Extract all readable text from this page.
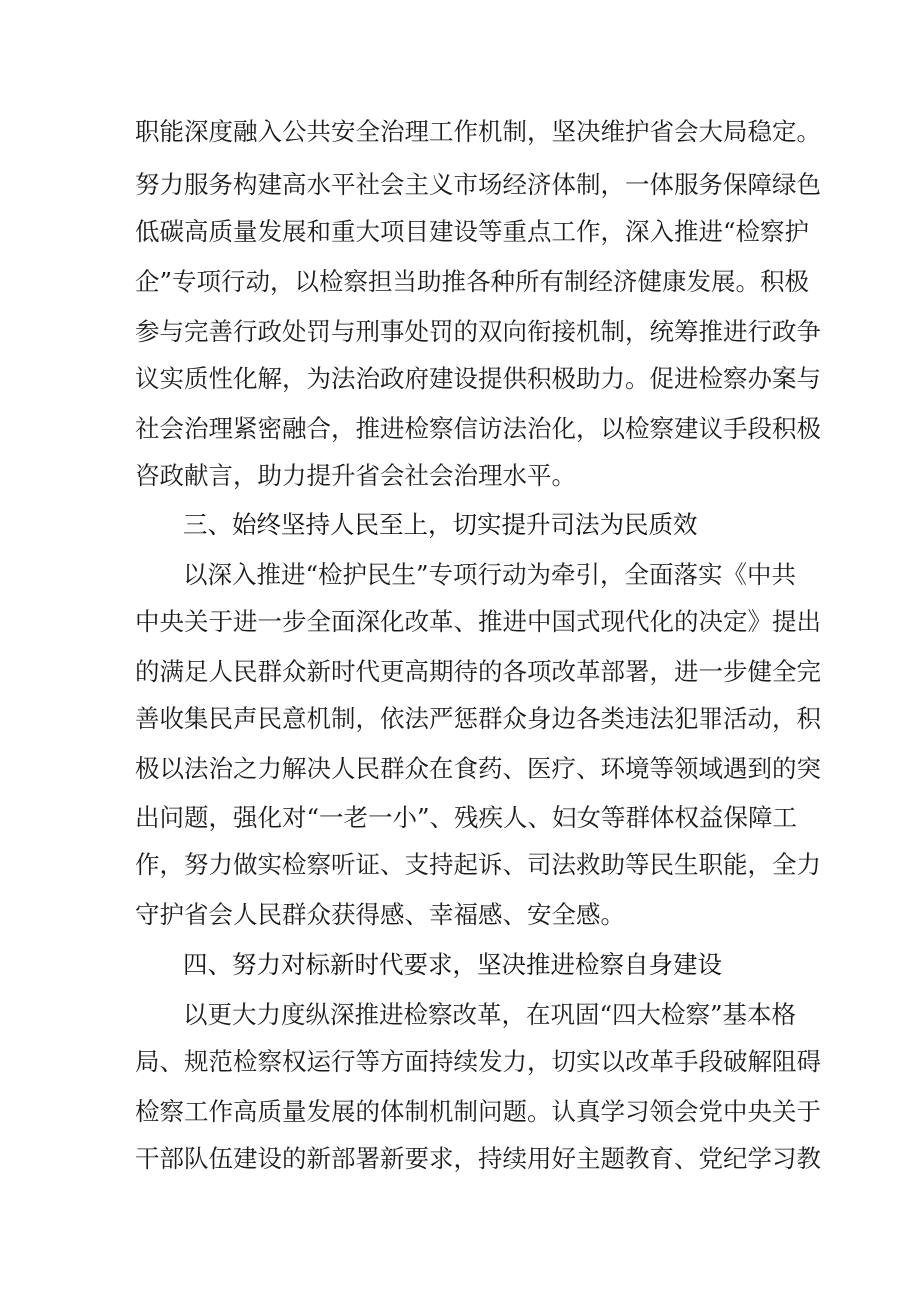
职能深度融入公共安全治理工作机制，坚决维护省会大局稳定。
努力服务构建高水平社会主义市场经济体制，一体服务保障绿色
低碳高质量发展和重大项目建设等重点工作，深入推进“检察护
企”专项行动，以检察担当助推各种所有制经济健康发展。积极
参与完善行政处罚与刑事处罚的双向衔接机制，统筹推进行政争
议实质性化解，为法治政府建设提供积极助力。促进检察办案与
社会治理紧密融合，推进检察信访法治化，以检察建议手段积极
咨政献言，助力提升省会社会治理水平。
三、始终坚持人民至上，切实提升司法为民质效
以深入推进“检护民生”专项行动为牵引，全面落实《中共
中央关于进一步全面深化改革、推进中国式现代化的决定》提出
的满足人民群众新时代更高期待的各项改革部署，进一步健全完
善收集民声民意机制，依法严惩群众身边各类违法犯罪活动，积
极以法治之力解决人民群众在食药、医疗、环境等领域遇到的突
出问题，强化对“一老一小”、残疾人、妇女等群体权益保障工
作，努力做实检察听证、支持起诉、司法救助等民生职能，全力
守护省会人民群众获得感、幸福感、安全感。
四、努力对标新时代要求，坚决推进检察自身建设
以更大力度纵深推进检察改革，在巩固“四大检察”基本格
局、规范检察权运行等方面持续发力，切实以改革手段破解阻碍
检察工作高质量发展的体制机制问题。认真学习领会党中央关于
干部队伍建设的新部署新要求，持续用好主题教育、党纪学习教
